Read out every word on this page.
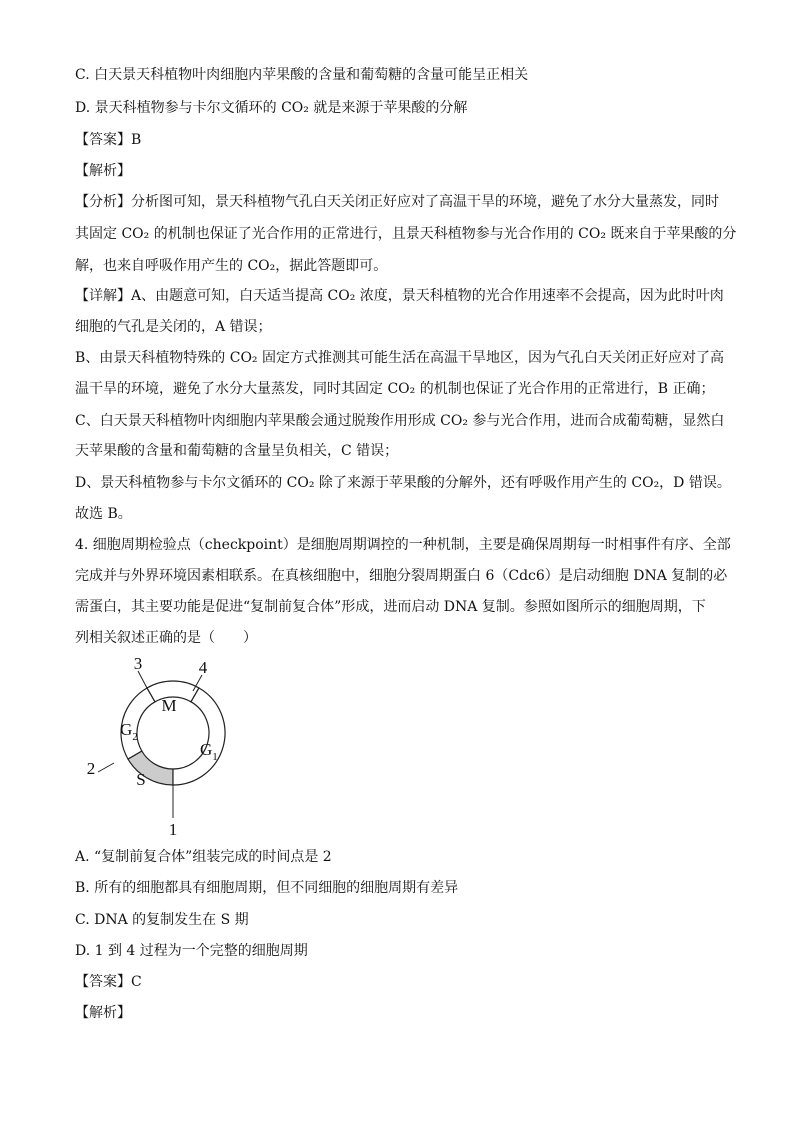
C. 白天景天科植物叶肉细胞内苹果酸的含量和葡萄糖的含量可能呈正相关
D. 景天科植物参与卡尔文循环的 CO₂ 就是来源于苹果酸的分解
【答案】B
【解析】
【分析】分析图可知，景天科植物气孔白天关闭正好应对了高温干旱的环境，避免了水分大量蒸发，同时
其固定 CO₂ 的机制也保证了光合作用的正常进行，且景天科植物参与光合作用的 CO₂ 既来自于苹果酸的分
解，也来自呼吸作用产生的 CO₂，据此答题即可。
【详解】A、由题意可知，白天适当提高 CO₂ 浓度，景天科植物的光合作用速率不会提高，因为此时叶肉
细胞的气孔是关闭的，A 错误；
B、由景天科植物特殊的 CO₂ 固定方式推测其可能生活在高温干旱地区，因为气孔白天关闭正好应对了高
温干旱的环境，避免了水分大量蒸发，同时其固定 CO₂ 的机制也保证了光合作用的正常进行，B 正确；
C、白天景天科植物叶肉细胞内苹果酸会通过脱羧作用形成 CO₂ 参与光合作用，进而合成葡萄糖，显然白
天苹果酸的含量和葡萄糖的含量呈负相关，C 错误；
D、景天科植物参与卡尔文循环的 CO₂ 除了来源于苹果酸的分解外，还有呼吸作用产生的 CO₂，D 错误。
故选 B。
4. 细胞周期检验点（checkpoint）是细胞周期调控的一种机制，主要是确保周期每一时相事件有序、全部
完成并与外界环境因素相联系。在真核细胞中，细胞分裂周期蛋白 6（Cdc6）是启动细胞 DNA 复制的必
需蛋白，其主要功能是促进“复制前复合体”形成，进而启动 DNA 复制。参照如图所示的细胞周期，下
列相关叙述正确的是（　　）
M
$G_2$
$G_1$
S
1
2
3	4
A. “复制前复合体”组装完成的时间点是 2
B. 所有的细胞都具有细胞周期，但不同细胞的细胞周期有差异
C. DNA 的复制发生在 S 期
D. 1 到 4 过程为一个完整的细胞周期
【答案】C
【解析】
